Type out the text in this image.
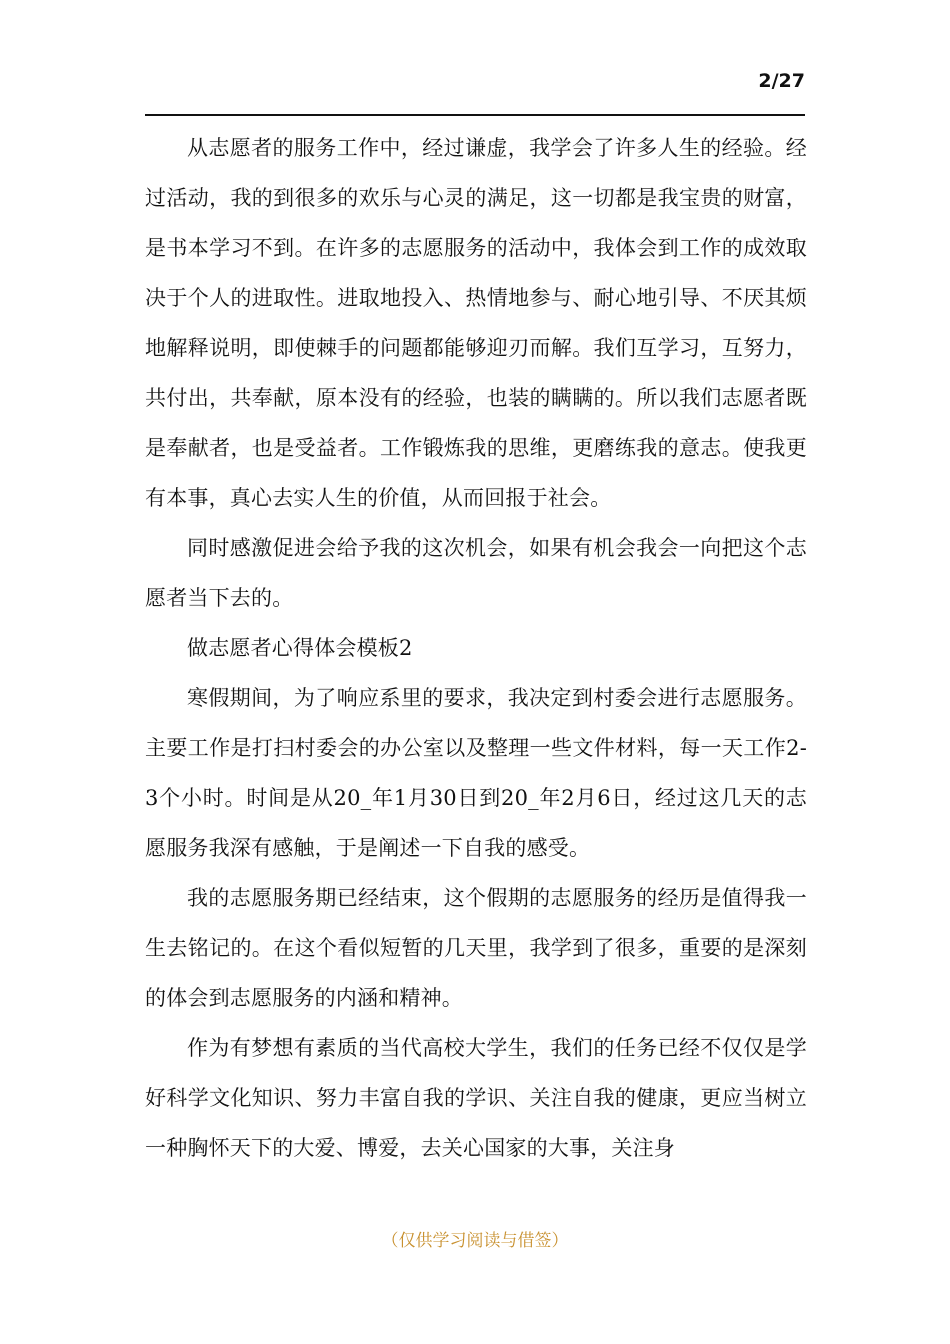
2/27

从志愿者的服务工作中，经过谦虚，我学会了许多人生的经验。经过活动，我的到很多的欢乐与心灵的满足，这一切都是我宝贵的财富，是书本学习不到。在许多的志愿服务的活动中，我体会到工作的成效取决于个人的进取性。进取地投入、热情地参与、耐心地引导、不厌其烦地解释说明，即使棘手的问题都能够迎刃而解。我们互学习，互努力，共付出，共奉献，原本没有的经验，也装的瞒瞒的。所以我们志愿者既是奉献者，也是受益者。工作锻炼我的思维，更磨练我的意志。使我更有本事，真心去实人生的价值，从而回报于社会。

同时感激促进会给予我的这次机会，如果有机会我会一向把这个志愿者当下去的。

做志愿者心得体会模板2

寒假期间，为了响应系里的要求，我决定到村委会进行志愿服务。主要工作是打扫村委会的办公室以及整理一些文件材料，每一天工作2-3个小时。时间是从20_年1月30日到20_年2月6日，经过这几天的志愿服务我深有感触，于是阐述一下自我的感受。

我的志愿服务期已经结束，这个假期的志愿服务的经历是值得我一生去铭记的。在这个看似短暂的几天里，我学到了很多，重要的是深刻的体会到志愿服务的内涵和精神。

作为有梦想有素质的当代高校大学生，我们的任务已经不仅仅是学好科学文化知识、努力丰富自我的学识、关注自我的健康，更应当树立一种胸怀天下的大爱、博爱，去关心国家的大事，关注身

（仅供学习阅读与借签）
